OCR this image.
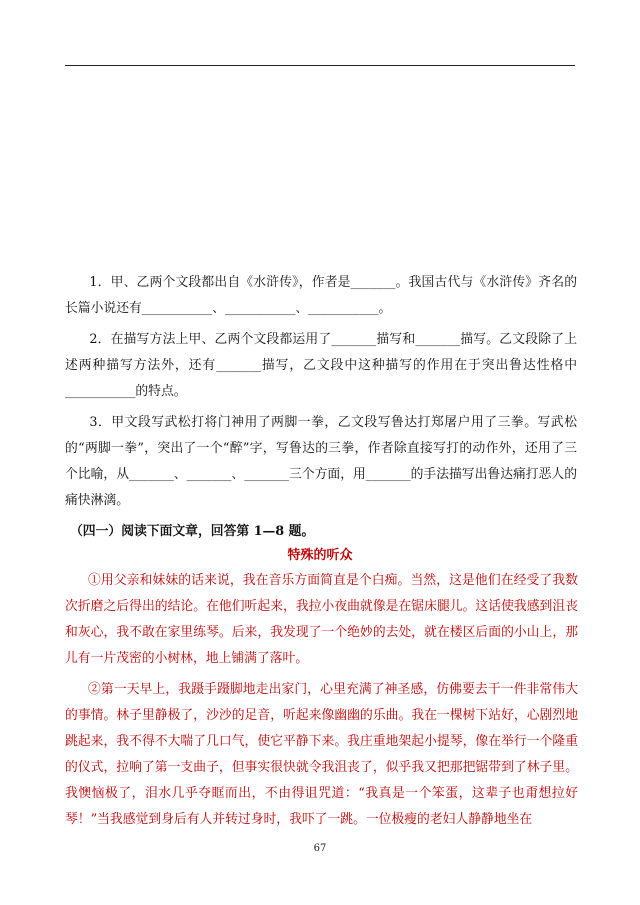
1．甲、乙两个文段都出自《水浒传》，作者是_______。我国古代与《水浒传》齐名的长篇小说还有___________、___________、___________。

2．在描写方法上甲、乙两个文段都运用了_______描写和_______描写。乙文段除了上述两种描写方法外，还有_______描写，乙文段中这种描写的作用在于突出鲁达性格中___________的特点。

3．甲文段写武松打将门神用了两脚一拳，乙文段写鲁达打郑屠户用了三拳。写武松的“两脚一拳”，突出了一个“醉”字，写鲁达的三拳，作者除直接写打的动作外，还用了三个比喻，从_______、_______、_______三个方面，用_______的手法描写出鲁达痛打恶人的痛快淋漓。

（四一）阅读下面文章，回答第 1—8 题。
特殊的听众

①用父亲和妹妹的话来说，我在音乐方面简直是个白痴。当然，这是他们在经受了我数次折磨之后得出的结论。在他们听起来，我拉小夜曲就像是在锯床腿儿。这话使我感到沮丧和灰心，我不敢在家里练琴。后来，我发现了一个绝妙的去处，就在楼区后面的小山上，那儿有一片茂密的小树林，地上铺满了落叶。

②第一天早上，我蹑手蹑脚地走出家门，心里充满了神圣感，仿佛要去干一件非常伟大的事情。林子里静极了，沙沙的足音，听起来像幽幽的乐曲。我在一棵树下站好，心剧烈地跳起来，我不得不大喘了几口气，使它平静下来。我庄重地架起小提琴，像在举行一个隆重的仪式，拉响了第一支曲子，但事实很快就令我沮丧了，似乎我又把那把锯带到了林子里。我懊恼极了，泪水几乎夺眶而出，不由得诅咒道：“我真是一个笨蛋，这辈子也甭想拉好琴！”当我感觉到身后有人并转过身时，我吓了一跳。一位极瘦的老妇人静静地坐在

67
